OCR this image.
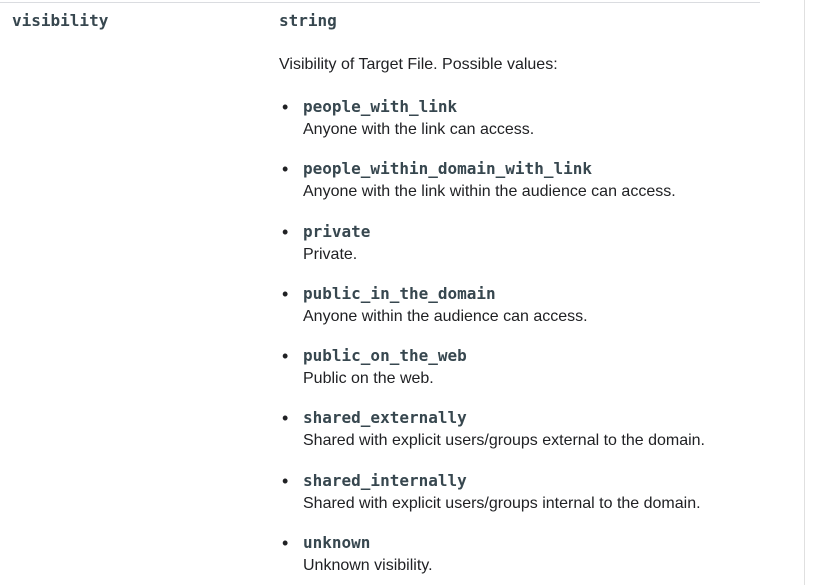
visibility	string
Visibility of Target File. Possible values:
• people_with_link
Anyone with the link can access.
• people_within_domain_with_link
Anyone with the link within the audience can access.
• private
Private.
• public_in_the_domain
Anyone within the audience can access.
• public_on_the_web
Public on the web.
• shared_externally
Shared with explicit users/groups external to the domain.
• shared_internally
Shared with explicit users/groups internal to the domain.
• unknown
Unknown visibility.
